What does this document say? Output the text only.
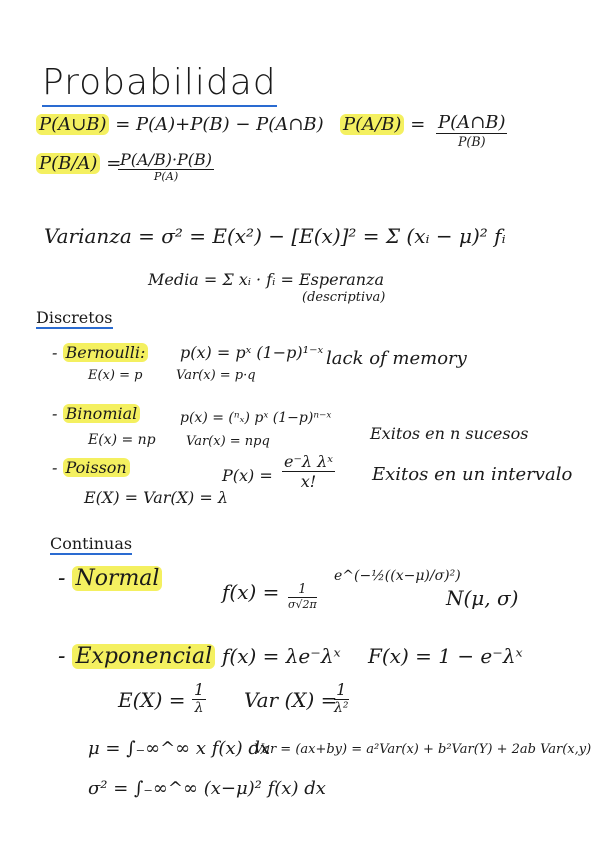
Probabilidad
P(A∪B) = P(A)+P(B) − P(A∩B) P(A/B) = P(A∩B)
P(B)
P(B/A) =
P(A/B)·P(B)
P(A)
Varianza = σ² = E(x²) − [E(x)]² = Σ (xᵢ − μ)² fᵢ
Media = Σ xᵢ · fᵢ = Esperanza
(descriptiva)
Discretos
- Bernoulli:
E(x) = p
p(x) = pˣ (1−p)¹⁻ˣ
Var(x) = p·q
lack of memory
- Binomial	p(x) = (ⁿₓ) pˣ (1−p)ⁿ⁻ˣ
E(x) = np Var(x) = npq	Exitos en n sucesos
- Poisson	$P(x) = \frac{\text{e⁻λ λˣ}}{x!}$
E(X) = Var(X) = λ
Exitos en un intervalo
Continuas
- Normal
f(x) =	1
σ√2π
e^(−½((x−μ)/σ)²)
N(μ, σ)
- Exponencial f(x) = λe⁻λˣ F(x) = 1 − e⁻λˣ
$E(X) = \frac{1}{\lambda}$ Var (X) =
$\frac{1}{\text{λ²}}$
μ = ∫₋∞^∞ x f(x) dx
Var = (ax+by) = a²Var(x) + b²Var(Y) + 2ab Var(x,y)
σ² = ∫₋∞^∞ (x−μ)² f(x) dx
